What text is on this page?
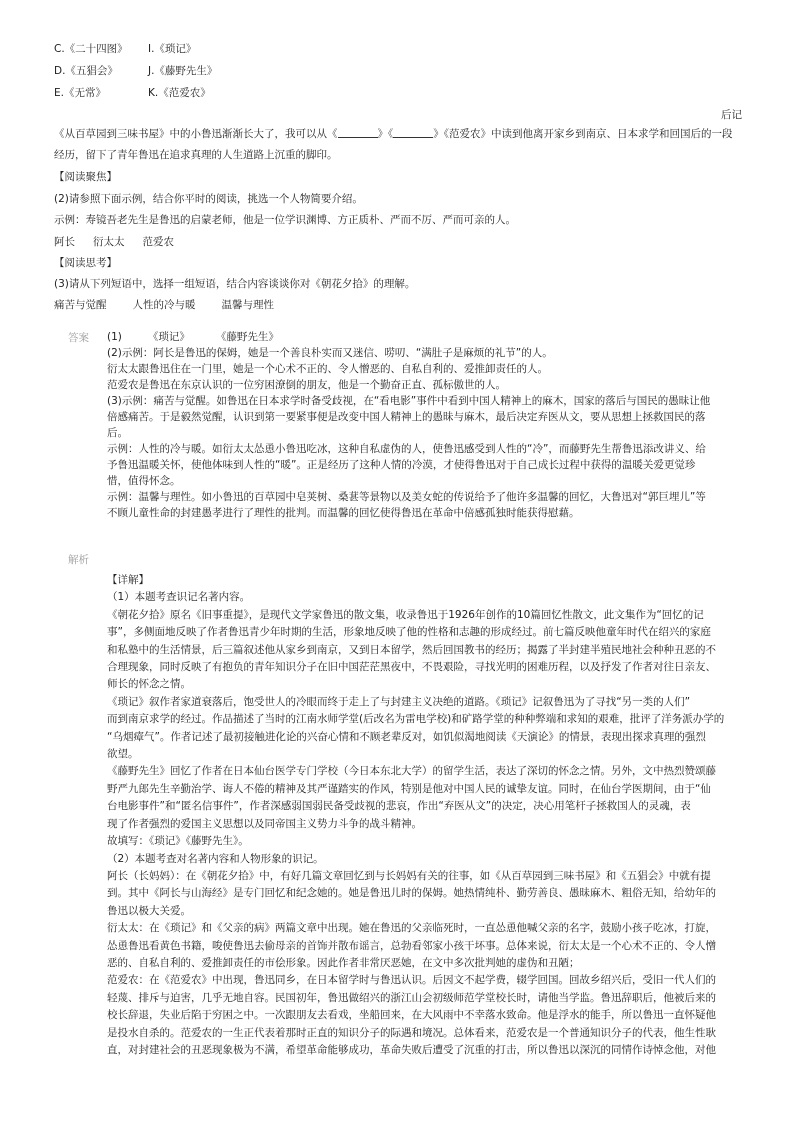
C.《二十四图》 I.《琐记》
D.《五猖会》	J.《藤野先生》
E.《无常》	K.《范爱农》
后记
《从百草园到三味书屋》中的小鲁迅渐渐长大了，我可以从《	》《	》《范爱农》中读到他离开家乡到南京、日本求学和回国后的一段
经历，留下了青年鲁迅在追求真理的人生道路上沉重的脚印。
【阅读聚焦】
(2)请参照下面示例，结合你平时的阅读，挑选一个人物简要介绍。
示例：寿镜吾老先生是鲁迅的启蒙老师，他是一位学识渊博、方正质朴、严而不厉、严而可亲的人。
阿长 衍太太 范爱农
【阅读思考】
(3)请从下列短语中，选择一组短语，结合内容谈谈你对《朝花夕拾》的理解。
痛苦与觉醒 人性的冷与暖 温馨与理性
答案 (1) 《琐记》 《藤野先生》

(2)示例：阿长是鲁迅的保姆，她是一个善良朴实而又迷信、唠叨、“满肚子是麻烦的礼节”的人。

衍太太跟鲁迅住在一门里，她是一个心术不正的、令人憎恶的、自私自利的、爱推卸责任的人。

范爱农是鲁迅在东京认识的一位穷困潦倒的朋友，他是一个勤奋正直、孤标傲世的人。

(3)示例：痛苦与觉醒。如鲁迅在日本求学时备受歧视，在“看电影”事件中看到中国人精神上的麻木，国家的落后与国民的愚昧让他

倍感痛苦。于是毅然觉醒，认识到第一要紧事便是改变中国人精神上的愚昧与麻木，最后决定弃医从文，要从思想上拯救国民的落

后。

示例：人性的冷与暖。如衍太太怂恿小鲁迅吃冰，这种自私虚伪的人，使鲁迅感受到人性的“冷”，而藤野先生帮鲁迅添改讲义、给

予鲁迅温暖关怀，使他体味到人性的“暖”。正是经历了这种人情的冷漠，才使得鲁迅对于自己成长过程中获得的温暖关爱更觉珍

惜，值得怀念。

示例：温馨与理性。如小鲁迅的百草园中皂荚树、桑葚等景物以及美女蛇的传说给予了他许多温馨的回忆，大鲁迅对“郭巨埋儿”等

不顾儿童性命的封建愚孝进行了理性的批判。而温馨的回忆使得鲁迅在革命中倍感孤独时能获得慰藉。

解析

【详解】

（1）本题考查识记名著内容。

《朝花夕拾》原名《旧事重提》，是现代文学家鲁迅的散文集，收录鲁迅于1926年创作的10篇回忆性散文，此文集作为“回忆的记

事”，多侧面地反映了作者鲁迅青少年时期的生活，形象地反映了他的性格和志趣的形成经过。前七篇反映他童年时代在绍兴的家庭

和私塾中的生活情景，后三篇叙述他从家乡到南京，又到日本留学，然后回国教书的经历；揭露了半封建半殖民地社会种种丑恶的不

合理现象，同时反映了有抱负的青年知识分子在旧中国茫茫黑夜中，不畏艰险，寻找光明的困难历程，以及抒发了作者对往日亲友、

师长的怀念之情。

《琐记》叙作者家道衰落后，饱受世人的冷眼而终于走上了与封建主义决绝的道路。《琐记》记叙鲁迅为了寻找“另一类的人们”

而到南京求学的经过。作品描述了当时的江南水师学堂(后改名为雷电学校)和矿路学堂的种种弊端和求知的艰难，批评了洋务派办学的

“乌烟瘴气”。作者记述了最初接触进化论的兴奋心情和不顾老辈反对，如饥似渴地阅读《天演论》的情景，表现出探求真理的强烈

欲望。

《藤野先生》回忆了作者在日本仙台医学专门学校（今日本东北大学）的留学生活，表达了深切的怀念之情。另外，文中热烈赞颂藤

野严九郎先生辛勤治学、诲人不倦的精神及其严谨踏实的作风，特别是他对中国人民的诚挚友谊。同时，在仙台学医期间，由于“仙

台电影事件”和“匿名信事件”，作者深感弱国弱民备受歧视的悲哀，作出“弃医从文”的决定，决心用笔杆子拯救国人的灵魂，表

现了作者强烈的爱国主义思想以及同帝国主义势力斗争的战斗精神。

故填写：《琐记》《藤野先生》。

（2）本题考查对名著内容和人物形象的识记。

阿长（长妈妈）：在《朝花夕拾》中，有好几篇文章回忆到与长妈妈有关的往事，如《从百草园到三味书屋》和《五猖会》中就有提

到。其中《阿长与山海经》是专门回忆和纪念她的。她是鲁迅儿时的保姆。她热情纯朴、勤劳善良、愚昧麻木、粗俗无知，给幼年的

鲁迅以极大关爱。

衍太太：在《琐记》和《父亲的病》两篇文章中出现。她在鲁迅的父亲临死时，一直怂恿他喊父亲的名字，鼓励小孩子吃冰，打旋，

怂恿鲁迅看黄色书籍，唆使鲁迅去偷母亲的首饰并散布谣言，总勃看邻家小孩干坏事。总体来说，衍太太是一个心术不正的、令人憎

恶的、自私自利的、爱推卸责任的市侩形象。因此作者非常厌恶她，在文中多次批判她的虚伪和丑陋；

范爱农：在《范爱农》中出现，鲁迅同乡，在日本留学时与鲁迅认识。后因文不起学费，辍学回国。回故乡绍兴后，受旧一代人们的

轻蔑、排斥与迫害，几乎无地自容。民国初年，鲁迅做绍兴的浙江山会初级师范学堂校长时，请他当学监。鲁迅辞职后，他被后来的

校长辞退，失业后陷于穷困之中。一次跟朋友去看戏，坐船回来，在大风雨中不幸落水致命。他是浮水的能手，所以鲁迅一直怀疑他

是投水自杀的。范爱农的一生正代表着那时正直的知识分子的际遇和境况。总体看来，范爱农是一个普通知识分子的代表，他生性耿

直，对封建社会的丑恶现象极为不满，希望革命能够成功，革命失败后遭受了沉重的打击，所以鲁迅以深沉的同情作诗悼念他，对他
